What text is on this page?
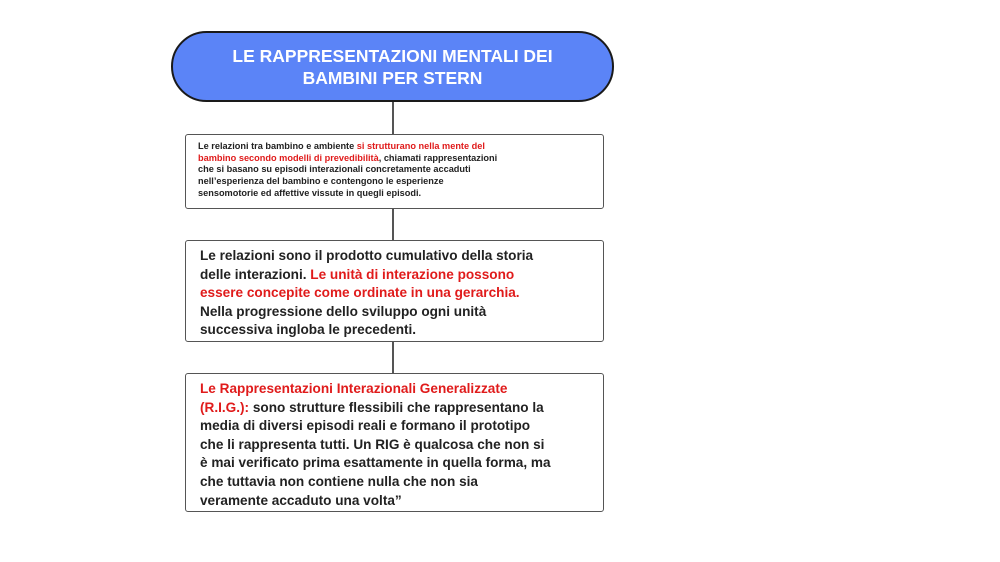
LE RAPPRESENTAZIONI MENTALI DEI
BAMBINI PER STERN
Le relazioni tra bambino e ambiente si strutturano nella mente del
bambino secondo modelli di prevedibilità, chiamati rappresentazioni
che si basano su episodi interazionali concretamente accaduti
nell’esperienza del bambino e contengono le esperienze
sensomotorie ed affettive vissute in quegli episodi.
Le relazioni sono il prodotto cumulativo della storia
delle interazioni. Le unità di interazione possono
essere concepite come ordinate in una gerarchia.
Nella progressione dello sviluppo ogni unità
successiva ingloba le precedenti.
Le Rappresentazioni Interazionali Generalizzate
(R.I.G.): sono strutture flessibili che rappresentano la
media di diversi episodi reali e formano il prototipo
che li rappresenta tutti. Un RIG è qualcosa che non si
è mai verificato prima esattamente in quella forma, ma
che tuttavia non contiene nulla che non sia
veramente accaduto una volta”
